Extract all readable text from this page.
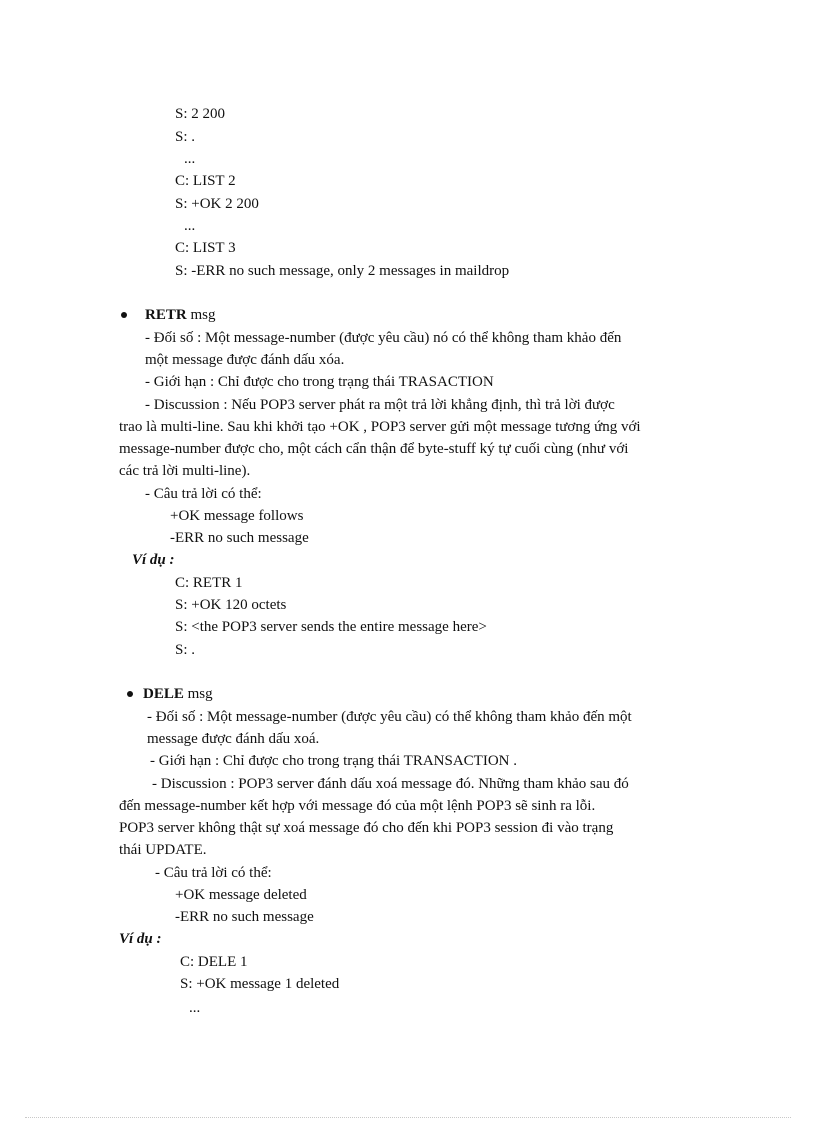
S: 2 200
S: .
...
C: LIST 2
S: +OK 2 200
...
C: LIST 3
S: -ERR no such message, only 2 messages in maildrop
RETR msg
- Đối số : Một message-number (được yêu cầu) nó có thể không tham khảo đến
một message được đánh dấu xóa.
- Giới hạn : Chỉ được cho trong trạng thái TRASACTION
- Discussion : Nếu POP3 server phát ra một trả lời khẳng định, thì trả lời được
trao là multi-line. Sau khi khởi tạo +OK , POP3 server gửi một message tương ứng với
message-number được cho, một cách cẩn thận để byte-stuff ký tự cuối cùng (như với
các trả lời multi-line).
- Câu trả lời có thể:
+OK message follows
-ERR no such message
Ví dụ :
C: RETR 1
S: +OK 120 octets
S: <the POP3 server sends the entire message here>
S: .
DELE msg
- Đối số : Một message-number (được yêu cầu) có thể không tham khảo đến một
message được đánh dấu xoá.
- Giới hạn : Chỉ được cho trong trạng thái TRANSACTION .
- Discussion : POP3 server đánh dấu xoá message đó. Những tham khảo sau đó
đến message-number kết hợp với message đó của một lệnh POP3 sẽ sinh ra lỗi.
POP3 server không thật sự xoá message đó cho đến khi POP3 session đi vào trạng
thái UPDATE.
- Câu trả lời có thể:
+OK message deleted
-ERR no such message
Ví dụ :
C: DELE 1
S: +OK message 1 deleted
...
